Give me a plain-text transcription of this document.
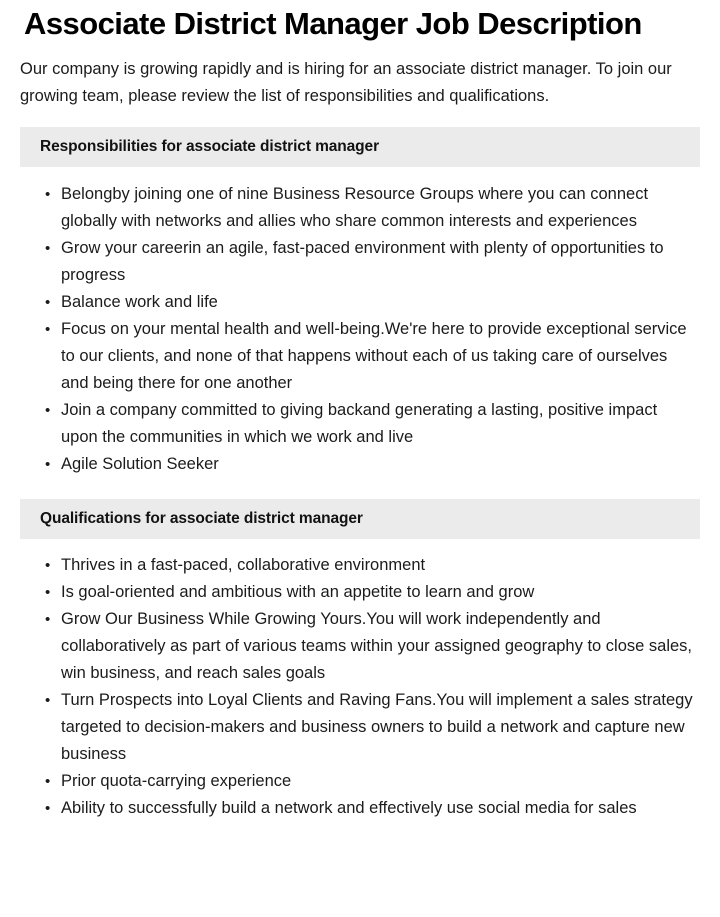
Associate District Manager Job Description

Our company is growing rapidly and is hiring for an associate district manager. To join our growing team, please review the list of responsibilities and qualifications.

Responsibilities for associate district manager
• Belongby joining one of nine Business Resource Groups where you can connect globally with networks and allies who share common interests and experiences
• Grow your careerin an agile, fast-paced environment with plenty of opportunities to progress
• Balance work and life
• Focus on your mental health and well-being.We're here to provide exceptional service to our clients, and none of that happens without each of us taking care of ourselves and being there for one another
• Join a company committed to giving backand generating a lasting, positive impact upon the communities in which we work and live
• Agile Solution Seeker
Qualifications for associate district manager
• Thrives in a fast-paced, collaborative environment
• Is goal-oriented and ambitious with an appetite to learn and grow
• Grow Our Business While Growing Yours.You will work independently and collaboratively as part of various teams within your assigned geography to close sales, win business, and reach sales goals
• Turn Prospects into Loyal Clients and Raving Fans.You will implement a sales strategy targeted to decision-makers and business owners to build a network and capture new business
• Prior quota-carrying experience
• Ability to successfully build a network and effectively use social media for sales
